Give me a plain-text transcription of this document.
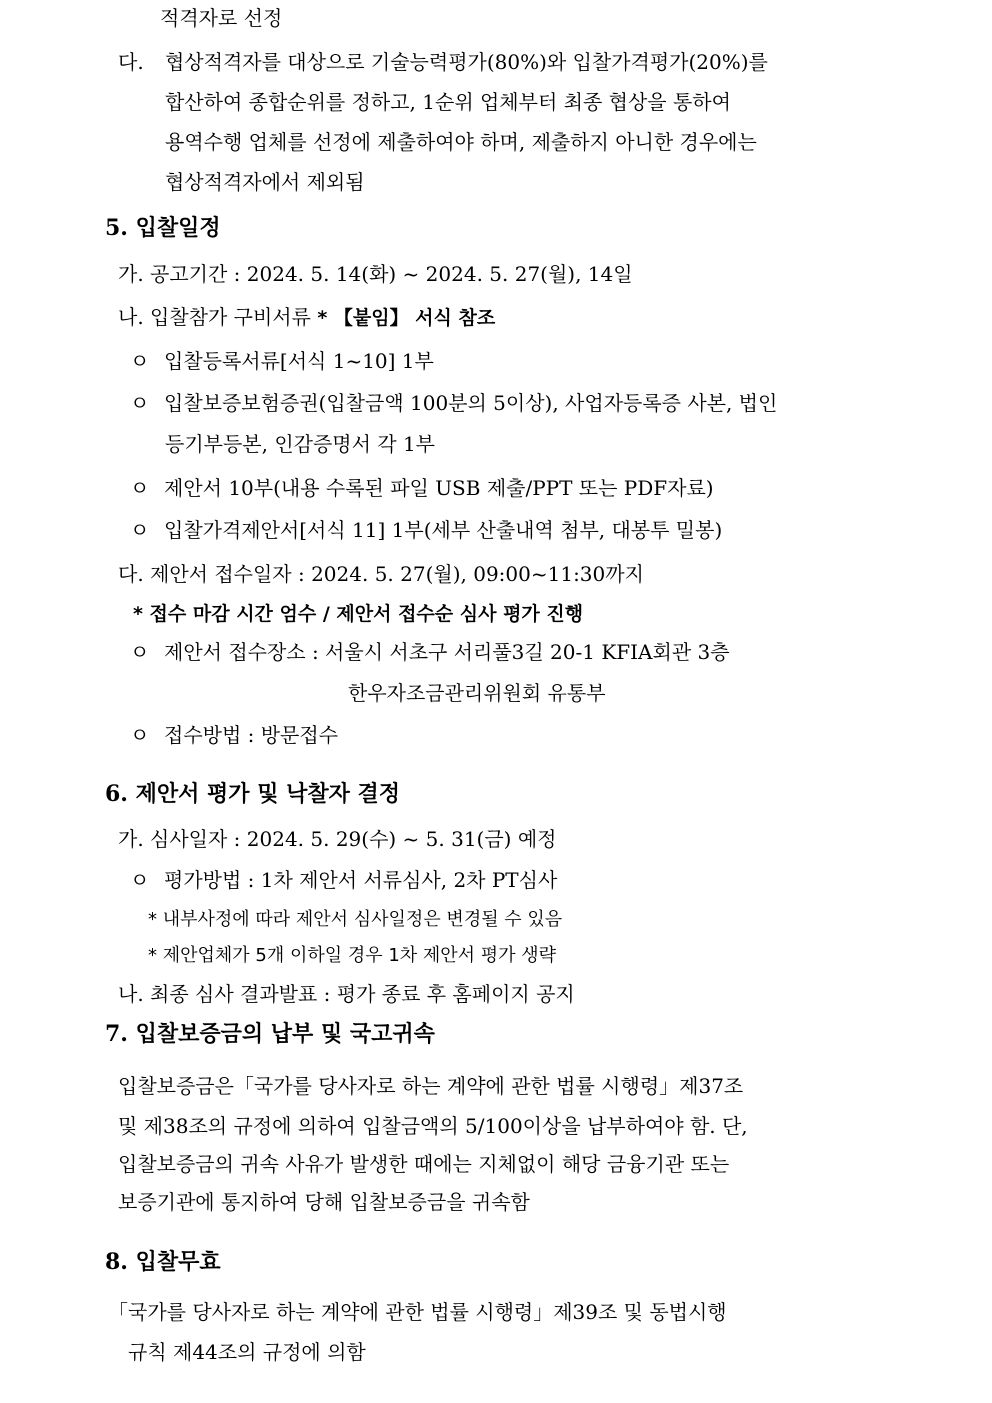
적격자로 선정
다. 협상적격자를 대상으로 기술능력평가(80%)와 입찰가격평가(20%)를
합산하여 종합순위를 정하고, 1순위 업체부터 최종 협상을 통하여
용역수행 업체를 선정에 제출하여야 하며, 제출하지 아니한 경우에는
협상적격자에서 제외됨
5. 입찰일정
가. 공고기간 : 2024. 5. 14(화) ~ 2024. 5. 27(월), 14일
나. 입찰참가 구비서류 * 【붙임】 서식 참조
ㅇ 입찰등록서류[서식 1~10] 1부
ㅇ 입찰보증보험증권(입찰금액 100분의 5이상), 사업자등록증 사본, 법인
등기부등본, 인감증명서 각 1부
ㅇ 제안서 10부(내용 수록된 파일 USB 제출/PPT 또는 PDF자료)
ㅇ 입찰가격제안서[서식 11] 1부(세부 산출내역 첨부, 대봉투 밀봉)
다. 제안서 접수일자 : 2024. 5. 27(월), 09:00~11:30까지
* 접수 마감 시간 엄수 / 제안서 접수순 심사 평가 진행
ㅇ 제안서 접수장소 : 서울시 서초구 서리풀3길 20-1 KFIA회관 3층
한우자조금관리위원회 유통부
ㅇ 접수방법 : 방문접수
6. 제안서 평가 및 낙찰자 결정
가. 심사일자 : 2024. 5. 29(수) ~ 5. 31(금) 예정
ㅇ 평가방법 : 1차 제안서 서류심사, 2차 PT심사
* 내부사정에 따라 제안서 심사일정은 변경될 수 있음
* 제안업체가 5개 이하일 경우 1차 제안서 평가 생략
나. 최종 심사 결과발표 : 평가 종료 후 홈페이지 공지
7. 입찰보증금의 납부 및 국고귀속
입찰보증금은「국가를 당사자로 하는 계약에 관한 법률 시행령」제37조
및 제38조의 규정에 의하여 입찰금액의 5/100이상을 납부하여야 함. 단,
입찰보증금의 귀속 사유가 발생한 때에는 지체없이 해당 금융기관 또는
보증기관에 통지하여 당해 입찰보증금을 귀속함
8. 입찰무효
「국가를 당사자로 하는 계약에 관한 법률 시행령」제39조 및 동법시행
규칙 제44조의 규정에 의함
